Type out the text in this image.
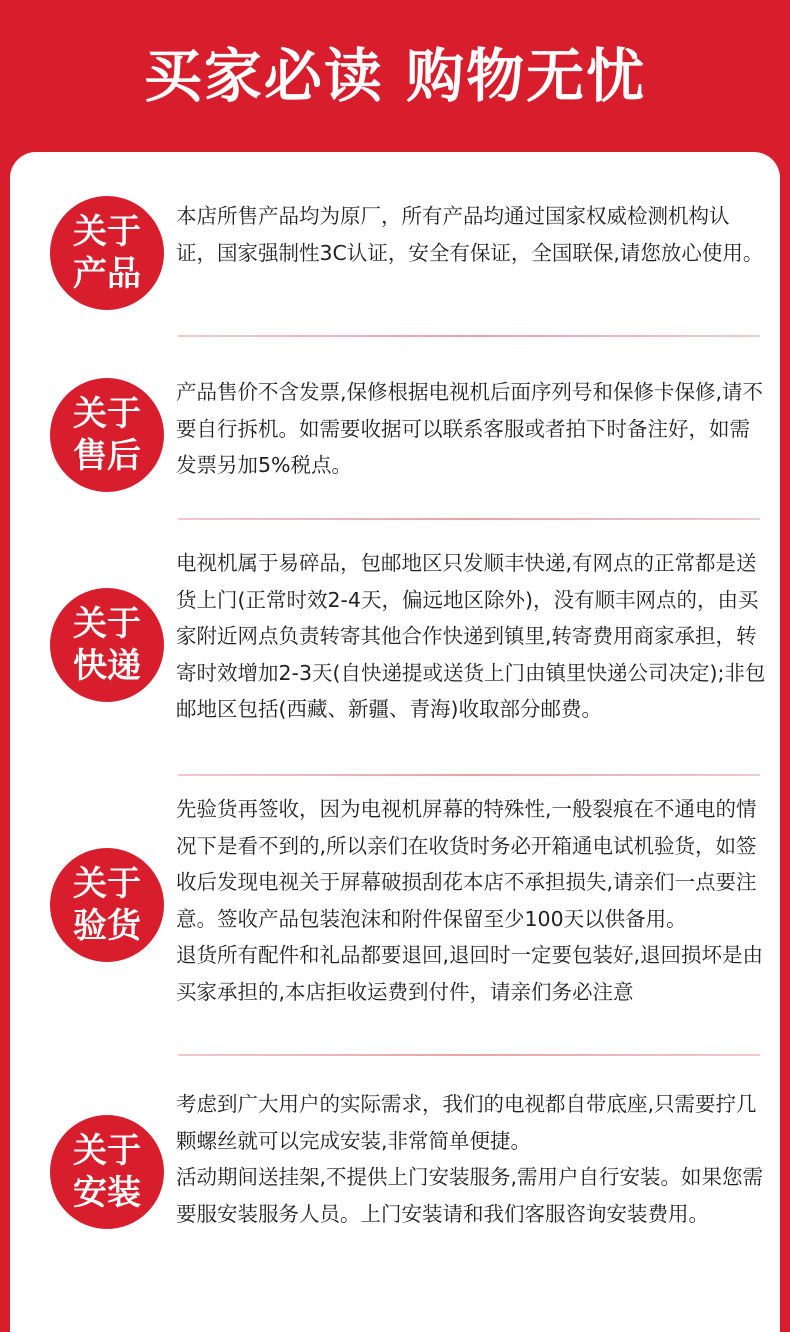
买家必读 购物无忧
关于
产品

本店所售产品均为原厂，所有产品均通过国家权威检测机构认证，国家强制性3C认证，安全有保证，全国联保,请您放心使用。

关于
售后

产品售价不含发票,保修根据电视机后面序列号和保修卡保修,请不要自行拆机。如需要收据可以联系客服或者拍下时备注好，如需发票另加5%税点。

关于
快递

电视机属于易碎品，包邮地区只发顺丰快递,有网点的正常都是送货上门(正常时效2-4天，偏远地区除外)，没有顺丰网点的，由买家附近网点负责转寄其他合作快递到镇里,转寄费用商家承担，转寄时效增加2-3天(自快递提或送货上门由镇里快递公司决定);非包邮地区包括(西藏、新疆、青海)收取部分邮费。

关于
验货

先验货再签收，因为电视机屏幕的特殊性,一般裂痕在不通电的情况下是看不到的,所以亲们在收货时务必开箱通电试机验货，如签收后发现电视关于屏幕破损刮花本店不承担损失,请亲们一点要注意。签收产品包装泡沫和附件保留至少100天以供备用。

退货所有配件和礼品都要退回,退回时一定要包装好,退回损坏是由买家承担的,本店拒收运费到付件，请亲们务必注意

关于
安装

考虑到广大用户的实际需求，我们的电视都自带底座,只需要拧几颗螺丝就可以完成安装,非常简单便捷。

活动期间送挂架,不提供上门安装服务,需用户自行安装。如果您需要服安装服务人员。上门安装请和我们客服咨询安装费用。
